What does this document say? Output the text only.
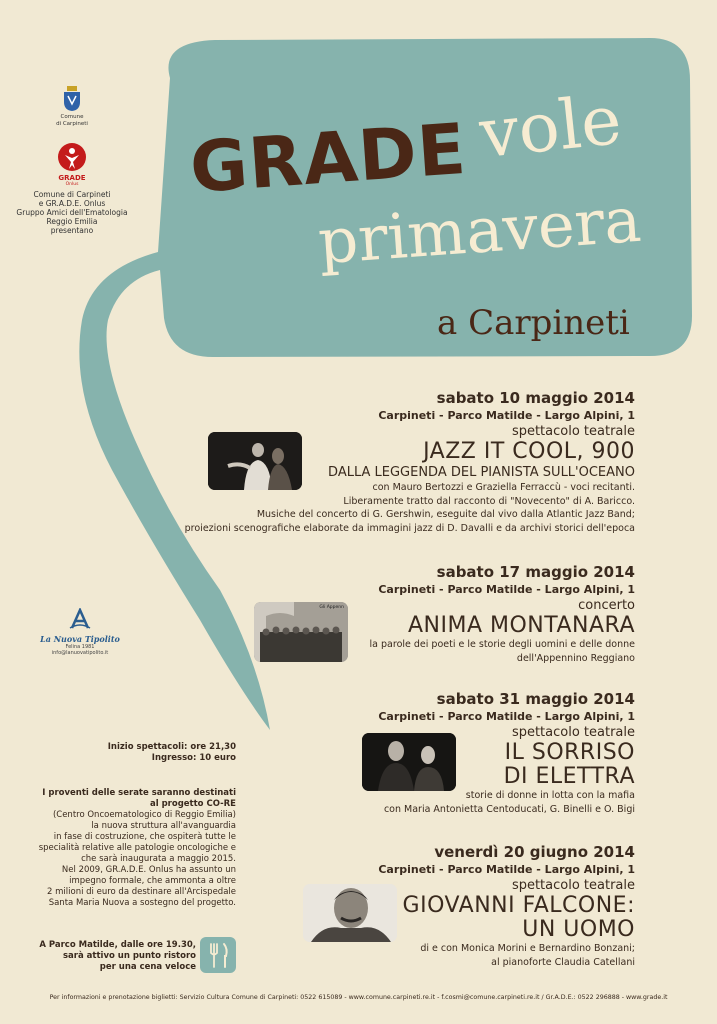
Comune
di Carpineti
GRADE
Onlus
Comune di Carpineti
e GR.A.D.E. Onlus
Gruppo Amici dell'Ematologia
Reggio Emilia
presentano
GRADE vole
primavera
a Carpineti
sabato 10 maggio 2014
Carpineti - Parco Matilde - Largo Alpini, 1
spettacolo teatrale
JAZZ IT COOL, 900
DALLA LEGGENDA DEL PIANISTA SULL'OCEANO
con Mauro Bertozzi e Graziella Ferraccù - voci recitanti.
Liberamente tratto dal racconto di "Novecento" di A. Baricco.
Musiche del concerto di G. Gershwin, eseguite dal vivo dalla Atlantic Jazz Band;
proiezioni scenografiche elaborate da immagini jazz di D. Davalli e da archivi storici dell'epoca
sabato 17 maggio 2014
Carpineti - Parco Matilde - Largo Alpini, 1
concerto
ANIMA MONTANARA
la parole dei poeti e le storie degli uomini e delle donne
dell'Appennino Reggiano
Gli Appenn
sabato 31 maggio 2014
Carpineti - Parco Matilde - Largo Alpini, 1
spettacolo teatrale
IL SORRISO
DI ELETTRA
storie di donne in lotta con la mafia
con Maria Antonietta Centoducati, G. Binelli e O. Bigi
venerdì 20 giugno 2014
Carpineti - Parco Matilde - Largo Alpini, 1
spettacolo teatrale
GIOVANNI FALCONE:
UN UOMO
di e con Monica Morini e Bernardino Bonzani;
al pianoforte Claudia Catellani
Inizio spettacoli: ore 21,30
Ingresso: 10 euro
I proventi delle serate saranno destinati
al progetto CO-RE
(Centro Oncoematologico di Reggio Emilia)
la nuova struttura all'avanguardia
in fase di costruzione, che ospiterà tutte le
specialità relative alle patologie oncologiche e
che sarà inaugurata a maggio 2015.
Nel 2009, GR.A.D.E. Onlus ha assunto un
impegno formale, che ammonta a oltre
2 milioni di euro da destinare all'Arcispedale
Santa Maria Nuova a sostegno del progetto.
A Parco Matilde, dalle ore 19.30,
sarà attivo un punto ristoro
per una cena veloce
La Nuova Tipolito
Felina 1981
info@lanuovatipolito.it
Per informazioni e prenotazione biglietti: Servizio Cultura Comune di Carpineti: 0522 615089 - www.comune.carpineti.re.it - f.cosmi@comune.carpineti.re.it / Gr.A.D.E.: 0522 296888 - www.grade.it
